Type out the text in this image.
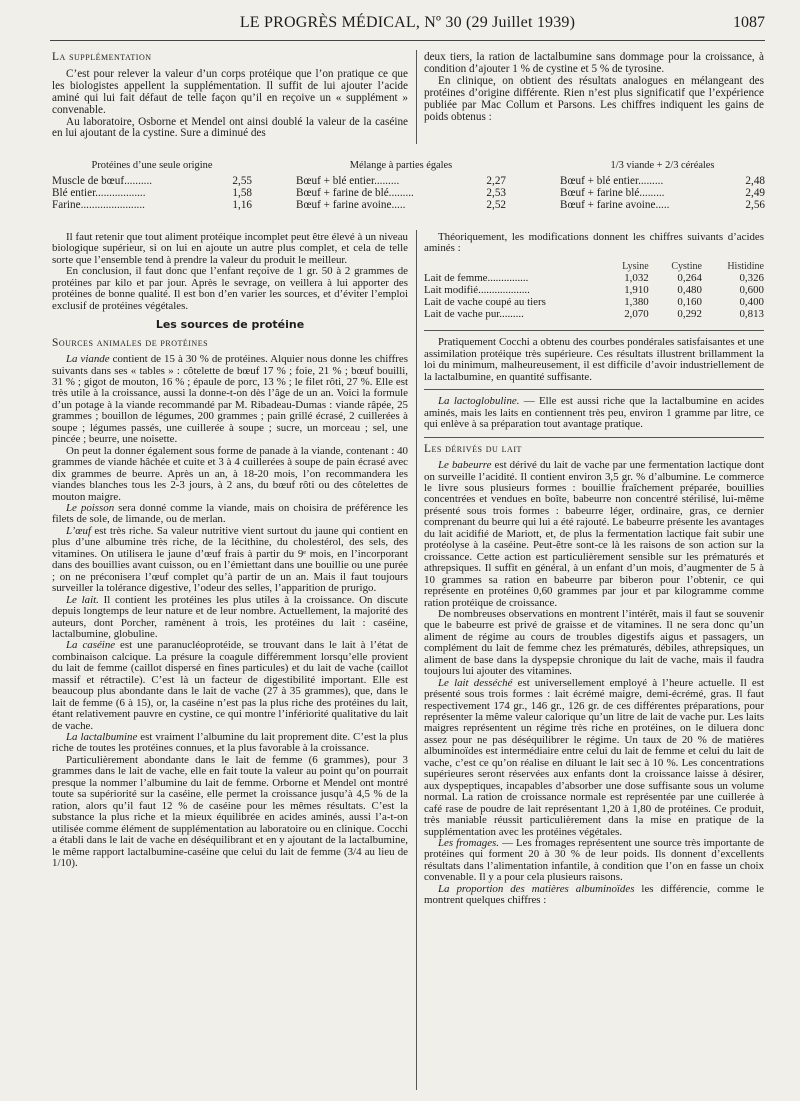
LE PROGRÈS MÉDICAL, Nº 30 (29 Juillet 1939)	1087
La supplémentation

C’est pour relever la valeur d’un corps protéique que l’on pratique ce que les biologistes appellent la supplémentation. Il suffit de lui ajouter l’acide aminé qui lui fait défaut de telle façon qu’il en reçoive un « supplément » convenable.

Au laboratoire, Osborne et Mendel ont ainsi doublé la valeur de la caséine en lui ajoutant de la cystine. Sure a diminué des

deux tiers, la ration de lactalbumine sans dommage pour la croissance, à condition d’ajouter 1 % de cystine et 5 % de tyrosine.

En clinique, on obtient des résultats analogues en mélangeant des protéines d’origine différente. Rien n’est plus significatif que l’expérience publiée par Mac Collum et Parsons. Les chiffres indiquent les gains de poids obtenus :

Protéines d’une seule origine
Muscle de bœuf..........	2,55
Blé entier..................	1,58
Farine.......................	1,16
Mélange à parties égales
Bœuf + blé entier.........	2,27
Bœuf + farine de blé.........	2,53
Bœuf + farine avoine.....	2,52
1/3 viande + 2/3 céréales
Bœuf + blé entier.........	2,48
Bœuf + farine blé.........	2,49
Bœuf + farine avoine.....	2,56

Il faut retenir que tout aliment protéique incomplet peut être élevé à un niveau biologique supérieur, si on lui en ajoute un autre plus complet, et cela de telle sorte que l’ensemble tend à prendre la valeur du produit le meilleur.

En conclusion, il faut donc que l’enfant reçoive de 1 gr. 50 à 2 grammes de protéines par kilo et par jour. Après le sevrage, on veillera à lui apporter des protéines de bonne qualité. Il est bon d’en varier les sources, et d’éviter l’emploi exclusif de protéines végétales.

Les sources de protéine
Sources animales de protéines

La viande contient de 15 à 30 % de protéines. Alquier nous donne les chiffres suivants dans ses « tables » : côtelette de bœuf 17 % ; foie, 21 % ; bœuf bouilli, 31 % ; gigot de mouton, 16 % ; épaule de porc, 13 % ; le filet rôti, 27 %. Elle est très utile à la croissance, aussi la donne-t-on dès l’âge de un an. Voici la formule d’un potage à la viande recommandé par M. Ribadeau-Dumas : viande râpée, 25 grammes ; bouillon de légumes, 200 grammes ; pain grillé écrasé, 2 cuillerées à soupe ; légumes passés, une cuillerée à soupe ; sucre, un morceau ; sel, une pincée ; beurre, une noisette.

On peut la donner également sous forme de panade à la viande, contenant : 40 grammes de viande hâchée et cuite et 3 à 4 cuillerées à soupe de pain écrasé avec dix grammes de beurre. Après un an, à 18-20 mois, l’on recommandera les viandes blanches tous les 2-3 jours, à 2 ans, du bœuf rôti ou des côtelettes de mouton maigre.

Le poisson sera donné comme la viande, mais on choisira de préférence les filets de sole, de limande, ou de merlan.

L’œuf est très riche. Sa valeur nutritive vient surtout du jaune qui contient en plus d’une albumine très riche, de la lécithine, du cholestérol, des sels, des vitamines. On utilisera le jaune d’œuf frais à partir du 9ᵉ mois, en l’incorporant dans des bouillies avant cuisson, ou en l’émiettant dans une bouillie ou une purée ; on ne préconisera l’œuf complet qu’à partir de un an. Mais il faut toujours surveiller la tolérance digestive, l’odeur des selles, l’apparition de prurigo.

Le lait. Il contient les protéines les plus utiles à la croissance. On discute depuis longtemps de leur nature et de leur nombre. Actuellement, la majorité des auteurs, dont Porcher, ramènent à trois, les protéines du lait : caséine, lactalbumine, globuline.

La caséine est une paranucléoprotéide, se trouvant dans le lait à l’état de combinaison calcique. La présure la coagule différemment lorsqu’elle provient du lait de femme (caillot dispersé en fines particules) et du lait de vache (caillot massif et rétractile). C’est là un facteur de digestibilité important. Elle est beaucoup plus abondante dans le lait de vache (27 à 35 grammes), que, dans le lait de femme (6 à 15), or, la caséine n’est pas la plus riche des protéines du lait, étant relativement pauvre en cystine, ce qui montre l’infériorité qualitative du lait de vache.

La lactalbumine est vraiment l’albumine du lait proprement dite. C’est la plus riche de toutes les protéines connues, et la plus favorable à la croissance.

Particulièrement abondante dans le lait de femme (6 grammes), pour 3 grammes dans le lait de vache, elle en fait toute la valeur au point qu’on pourrait presque la nommer l’albumine du lait de femme. Orborne et Mendel ont montré toute sa supériorité sur la caséine, elle permet la croissance jusqu’à 4,5 % de la ration, alors qu’il faut 12 % de caséine pour les mêmes résultats. C’est la substance la plus riche et la mieux équilibrée en acides aminés, aussi l’a-t-on utilisée comme élément de supplémentation au laboratoire ou en clinique. Cocchi a établi dans le lait de vache en déséquilibrant et en y ajoutant de la lactalbumine, le même rapport lactalbumine-caséine que celui du lait de femme (3/4 au lieu de 1/10).

Théoriquement, les modifications donnent les chiffres suivants d’acides aminés :

	Lysine	Cystine	Histidine
Lait de femme...............	1,032	0,264	0,326
Lait modifié...................	1,910	0,480	0,600
Lait de vache coupé au tiers	1,380	0,160	0,400
Lait de vache pur.........	2,070	0,292	0,813

Pratiquement Cocchi a obtenu des courbes pondérales satisfaisantes et une assimilation protéique très supérieure. Ces résultats illustrent brillamment la loi du minimum, malheureusement, il est difficile d’avoir industriellement de la lactalbumine, en quantité suffisante.

La lactoglobuline. — Elle est aussi riche que la lactalbumine en acides aminés, mais les laits en contiennent très peu, environ 1 gramme par litre, ce qui enlève à sa préparation tout avantage pratique.

Les dérivés du lait

Le babeurre est dérivé du lait de vache par une fermentation lactique dont on surveille l’acidité. Il contient environ 3,5 gr. % d’albumine. Le commerce le livre sous plusieurs formes : bouillie fraîchement préparée, bouillies concentrées et vendues en boîte, babeurre non concentré stérilisé, lui-même présenté sous trois formes : babeurre léger, ordinaire, gras, ce dernier comprenant du beurre qui lui a été rajouté. Le babeurre présente les avantages du lait acidifié de Mariott, et, de plus la fermentation lactique fait subir une protéolyse à la caséine. Peut-être sont-ce là les raisons de son action sur la croissance. Cette action est particulièrement sensible sur les prématurés et athrepsiques. Il suffit en général, à un enfant d’un mois, d’augmenter de 5 à 10 grammes sa ration en babeurre par biberon pour l’obtenir, ce qui représente en protéines 0,60 grammes par jour et par kilogramme comme ration protéique de croissance.

De nombreuses observations en montrent l’intérêt, mais il faut se souvenir que le babeurre est privé de graisse et de vitamines. Il ne sera donc qu’un aliment de régime au cours de troubles digestifs aigus et passagers, un complément du lait de femme chez les prématurés, débiles, athrepsiques, un aliment de base dans la dyspepsie chronique du lait de vache, mais il faudra toujours lui ajouter des vitamines.

Le lait desséché est universellement employé à l’heure actuelle. Il est présenté sous trois formes : lait écrémé maigre, demi-écrémé, gras. Il faut respectivement 174 gr., 146 gr., 126 gr. de ces différentes préparations, pour représenter la même valeur calorique qu’un litre de lait de vache pur. Les laits maigres représentent un régime très riche en protéines, on le diluera donc assez pour ne pas déséquilibrer le régime. Un taux de 20 % de matières albuminoïdes est intermédiaire entre celui du lait de femme et celui du lait de vache, c’est ce qu’on réalise en diluant le lait sec à 10 %. Les concentrations supérieures seront réservées aux enfants dont la croissance laisse à désirer, aux dyspeptiques, incapables d’absorber une dose suffisante sous un volume normal. La ration de croissance normale est représentée par une cuillerée à café rase de poudre de lait représentant 1,20 à 1,80 de protéines. Ce produit, très maniable réussit particulièrement dans la mise en pratique de la supplémentation avec les protéines végétales.

Les fromages. — Les fromages représentent une source très importante de protéines qui forment 20 à 30 % de leur poids. Ils donnent d’excellents résultats dans l’alimentation infantile, à condition que l’on en fasse un choix convenable. Il y a pour cela plusieurs raisons.

La proportion des matières albuminoïdes les différencie, comme le montrent quelques chiffres :
